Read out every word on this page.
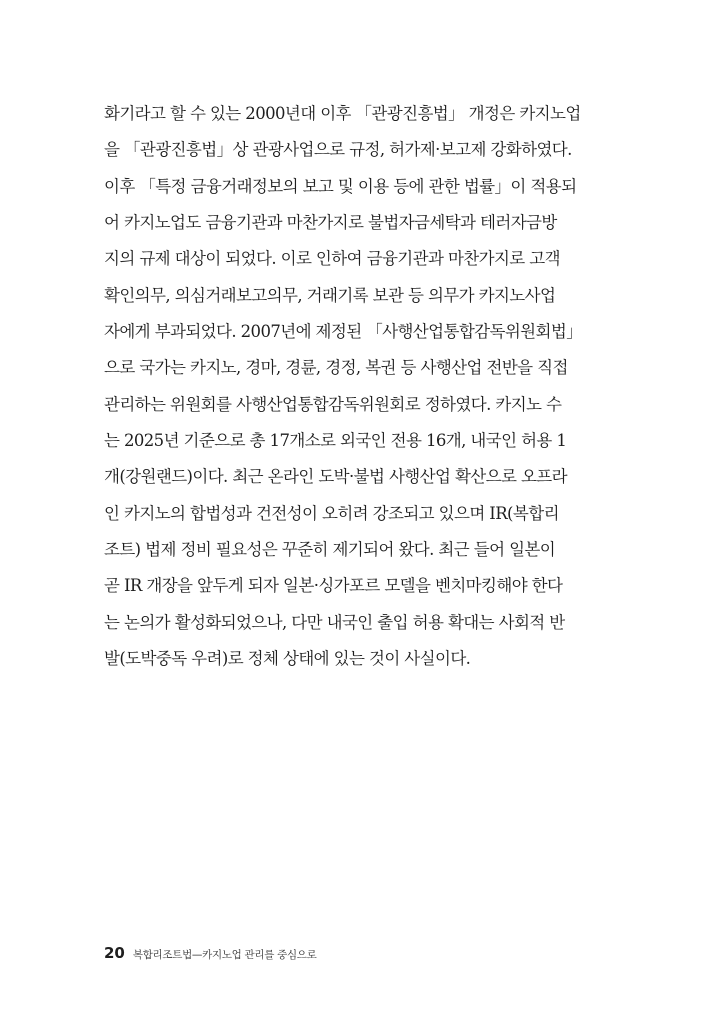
화기라고 할 수 있는 2000년대 이후 「관광진흥법」 개정은 카지노업
을 「관광진흥법」상 관광사업으로 규정, 허가제·보고제 강화하였다.
이후 「특정 금융거래정보의 보고 및 이용 등에 관한 법률」이 적용되
어 카지노업도 금융기관과 마찬가지로 불법자금세탁과 테러자금방
지의 규제 대상이 되었다. 이로 인하여 금융기관과 마찬가지로 고객
확인의무, 의심거래보고의무, 거래기록 보관 등 의무가 카지노사업
자에게 부과되었다. 2007년에 제정된 「사행산업통합감독위원회법」
으로 국가는 카지노, 경마, 경륜, 경정, 복권 등 사행산업 전반을 직접
관리하는 위원회를 사행산업통합감독위원회로 정하였다. 카지노 수
는 2025년 기준으로 총 17개소로 외국인 전용 16개, 내국인 허용 1
개(강원랜드)이다. 최근 온라인 도박·불법 사행산업 확산으로 오프라
인 카지노의 합법성과 건전성이 오히려 강조되고 있으며 IR(복합리
조트) 법제 정비 필요성은 꾸준히 제기되어 왔다. 최근 들어 일본이
곧 IR 개장을 앞두게 되자 일본·싱가포르 모델을 벤치마킹해야 한다
는 논의가 활성화되었으나, 다만 내국인 출입 허용 확대는 사회적 반
발(도박중독 우려)로 정체 상태에 있는 것이 사실이다.
20 복합리조트법—카지노업 관리를 중심으로
